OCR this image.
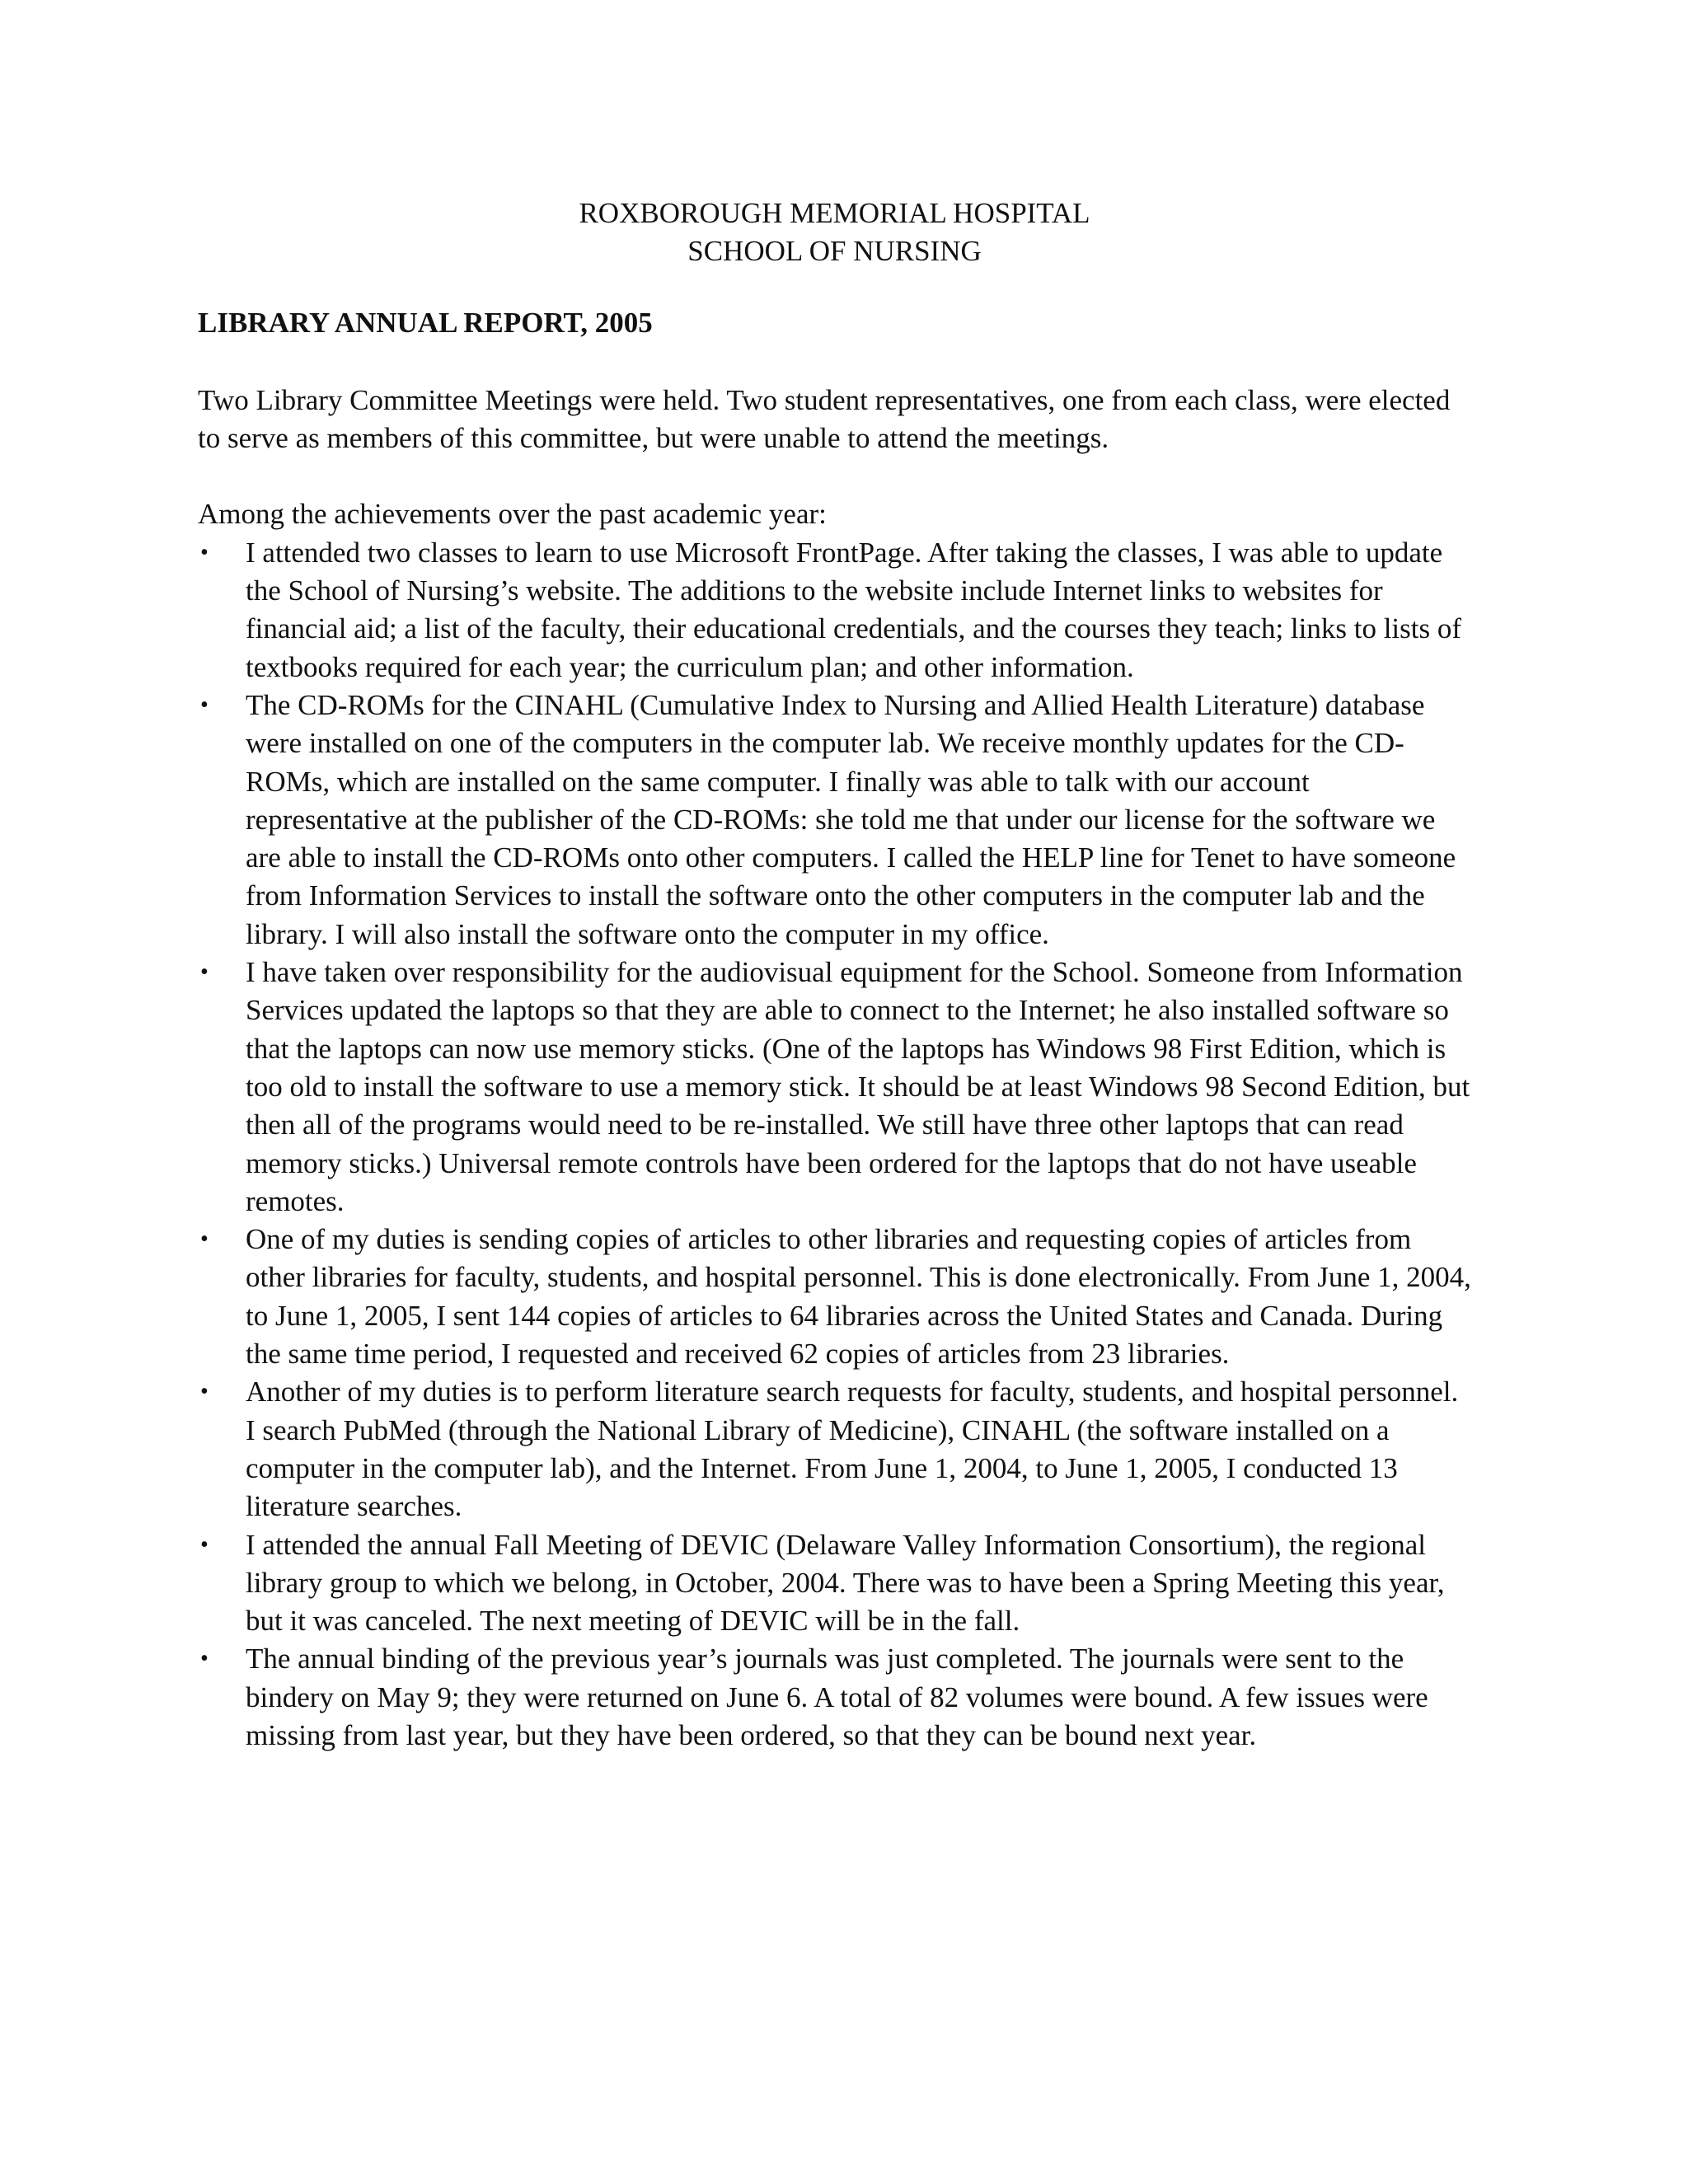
ROXBOROUGH MEMORIAL HOSPITAL

SCHOOL OF NURSING

LIBRARY ANNUAL REPORT, 2005

Two Library Committee Meetings were held. Two student representatives, one from each class, were elected to serve as members of this committee, but were unable to attend the meetings.

Among the achievements over the past academic year:

• I attended two classes to learn to use Microsoft FrontPage. After taking the classes, I was able to update the School of Nursing’s website. The additions to the website include Internet links to websites for financial aid; a list of the faculty, their educational credentials, and the courses they teach; links to lists of textbooks required for each year; the curriculum plan; and other information.
• The CD-ROMs for the CINAHL (Cumulative Index to Nursing and Allied Health Literature) database were installed on one of the computers in the computer lab. We receive monthly updates for the CD-ROMs, which are installed on the same computer. I finally was able to talk with our account representative at the publisher of the CD-ROMs: she told me that under our license for the software we are able to install the CD-ROMs onto other computers. I called the HELP line for Tenet to have someone from Information Services to install the software onto the other computers in the computer lab and the library. I will also install the software onto the computer in my office.
• I have taken over responsibility for the audiovisual equipment for the School. Someone from Information Services updated the laptops so that they are able to connect to the Internet; he also installed software so that the laptops can now use memory sticks. (One of the laptops has Windows 98 First Edition, which is too old to install the software to use a memory stick. It should be at least Windows 98 Second Edition, but then all of the programs would need to be re-installed. We still have three other laptops that can read memory sticks.) Universal remote controls have been ordered for the laptops that do not have useable remotes.
• One of my duties is sending copies of articles to other libraries and requesting copies of articles from other libraries for faculty, students, and hospital personnel. This is done electronically. From June 1, 2004, to June 1, 2005, I sent 144 copies of articles to 64 libraries across the United States and Canada. During the same time period, I requested and received 62 copies of articles from 23 libraries.
• Another of my duties is to perform literature search requests for faculty, students, and hospital personnel. I search PubMed (through the National Library of Medicine), CINAHL (the software installed on a computer in the computer lab), and the Internet. From June 1, 2004, to June 1, 2005, I conducted 13 literature searches.
• I attended the annual Fall Meeting of DEVIC (Delaware Valley Information Consortium), the regional library group to which we belong, in October, 2004. There was to have been a Spring Meeting this year, but it was canceled. The next meeting of DEVIC will be in the fall.
• The annual binding of the previous year’s journals was just completed. The journals were sent to the bindery on May 9; they were returned on June 6. A total of 82 volumes were bound. A few issues were missing from last year, but they have been ordered, so that they can be bound next year.
